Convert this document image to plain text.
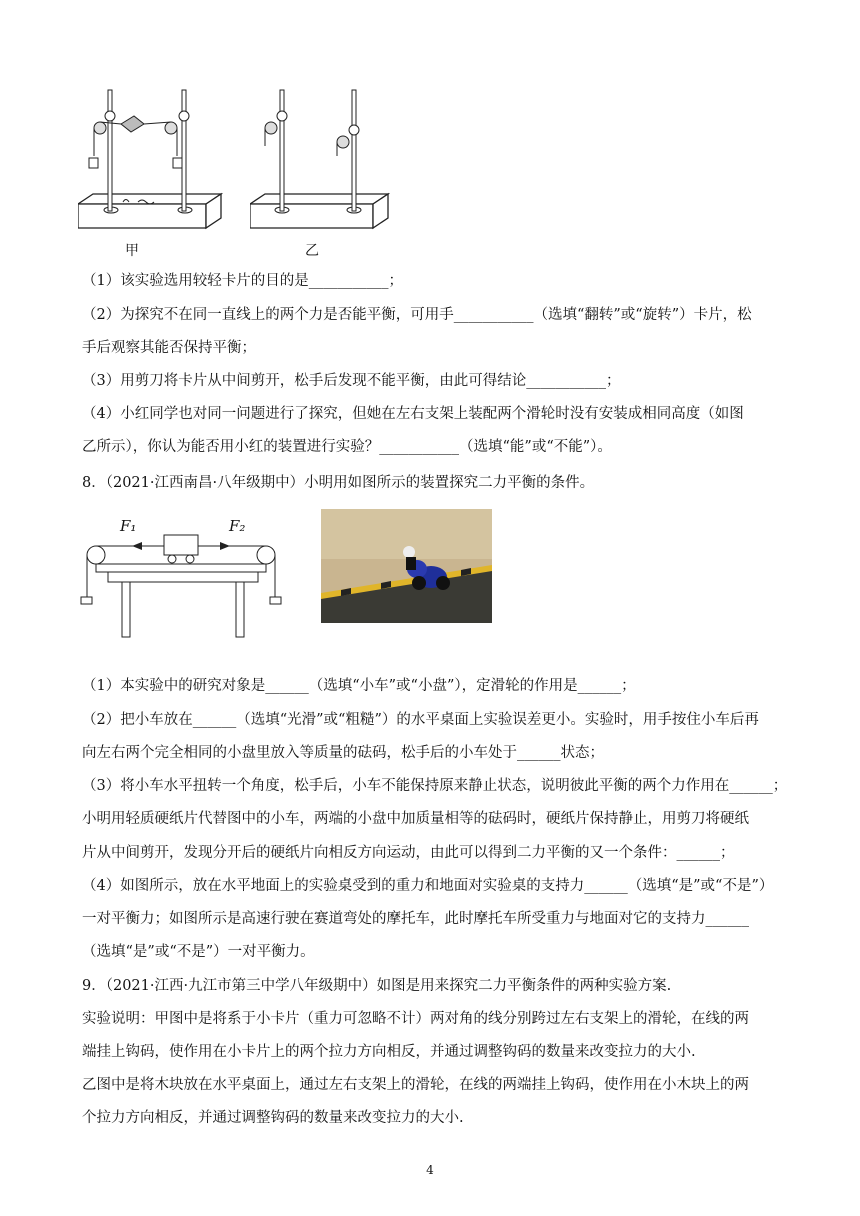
甲	乙
（1）该实验选用较轻卡片的目的是___________；
（2）为探究不在同一直线上的两个力是否能平衡，可用手___________（选填“翻转”或“旋转”）卡片，松
手后观察其能否保持平衡；
（3）用剪刀将卡片从中间剪开，松手后发现不能平衡，由此可得结论___________；
（4）小红同学也对同一问题进行了探究，但她在左右支架上装配两个滑轮时没有安装成相同高度（如图
乙所示），你认为能否用小红的装置进行实验？___________（选填“能”或“不能”）。
8．（2021·江西南昌·八年级期中）小明用如图所示的装置探究二力平衡的条件。
F₁	F₂
（1）本实验中的研究对象是______（选填“小车”或“小盘”），定滑轮的作用是______；
（2）把小车放在______（选填“光滑”或“粗糙”）的水平桌面上实验误差更小。实验时，用手按住小车后再
向左右两个完全相同的小盘里放入等质量的砝码，松手后的小车处于______状态；
（3）将小车水平扭转一个角度，松手后，小车不能保持原来静止状态，说明彼此平衡的两个力作用在______；
小明用轻质硬纸片代替图中的小车，两端的小盘中加质量相等的砝码时，硬纸片保持静止，用剪刀将硬纸
片从中间剪开，发现分开后的硬纸片向相反方向运动，由此可以得到二力平衡的又一个条件：______；
（4）如图所示，放在水平地面上的实验桌受到的重力和地面对实验桌的支持力______（选填“是”或“不是”）
一对平衡力；如图所示是高速行驶在赛道弯处的摩托车，此时摩托车所受重力与地面对它的支持力______
（选填“是”或“不是”）一对平衡力。
9．（2021·江西·九江市第三中学八年级期中）如图是用来探究二力平衡条件的两种实验方案.
实验说明：甲图中是将系于小卡片（重力可忽略不计）两对角的线分别跨过左右支架上的滑轮，在线的两
端挂上钩码，使作用在小卡片上的两个拉力方向相反，并通过调整钩码的数量来改变拉力的大小.
乙图中是将木块放在水平桌面上，通过左右支架上的滑轮，在线的两端挂上钩码，使作用在小木块上的两
个拉力方向相反，并通过调整钩码的数量来改变拉力的大小.
4
